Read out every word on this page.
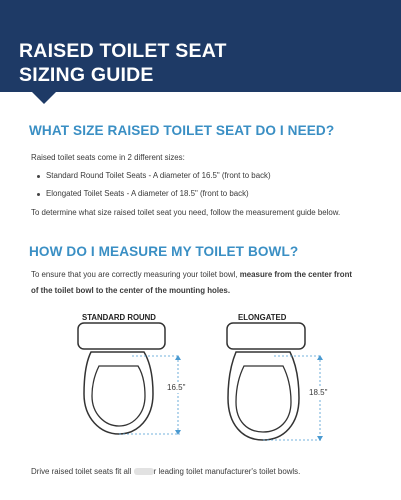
RAISED TOILET SEAT
SIZING GUIDE
WHAT SIZE RAISED TOILET SEAT DO I NEED?
Raised toilet seats come in 2 different sizes:
Standard Round Toilet Seats - A diameter of 16.5" (front to back)
Elongated Toilet Seats - A diameter of 18.5" (front to back)
To determine what size raised toilet seat you need, follow the measurement guide below.
HOW DO I MEASURE MY TOILET BOWL?
To ensure that you are correctly measuring your toilet bowl, measure from the center front
of the toilet bowl to the center of the mounting holes.
STANDARD ROUND	ELONGATED
16.5"
18.5"
Drive raised toilet seats fit all	r leading toilet manufacturer's toilet bowls.
